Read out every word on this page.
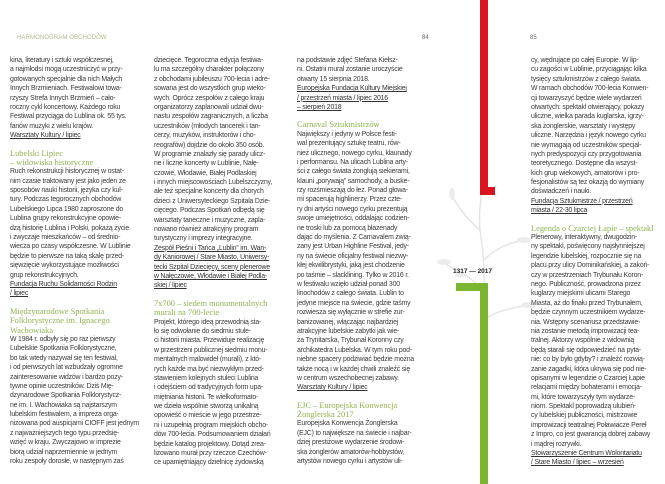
HARMONOGRAM OBCHODÓW	84	85
1317 — 2017
kina, literatury i sztuki współczesnej,
a najmłodsi mogą uczestniczyć w przy-
gotowanych specjalnie dla nich Małych
Innych Brzmieniach. Festiwalowi towa-
rzyszy Strefa Innych Brzmień – cało-
roczny cykl koncertowy. Każdego roku
Festiwal przyciąga do Lublina ok. 55 tys.
fanów muzyki z wielu krajów.
Warsztaty Kultury / lipiec
Lubelski Lipiec
– widowiska historyczne
Ruch rekonstrukcji historycznej w ostat-
nim czasie traktowany jest jako jeden ze
sposobów nauki historii, języka czy kul-
tury. Podczas tegorocznych obchodów
Lubelskiego Lipca 1980 zaproszone do
Lublina grupy rekonstrukcyjne opowie-
dzą historię Lublina i Polski, pokażą życie
i zwyczaje mieszkańców – od średnio-
wiecza po czasy współczesne. W Lublinie
będzie to pierwsze na taką skalę przed-
sięwzięcie wykorzystujące możliwości
grup rekonstrukcyjnych.
Fundacja Ruchu Solidarności Rodzin
/ lipiec
Międzynarodowe Spotkania
Folklorystyczne im. Ignacego
Wachowiaka
W 1984 r. odbyły się po raz pierwszy
Lubelskie Spotkania Folklorystyczne,
bo tak wtedy nazywał się ten festiwal,
i od pierwszych lat wzbudzały ogromne
zainteresowanie widzów i bardzo pozy-
tywne opinie uczestników. Dziś Mię-
dzynarodowe Spotkania Folklorystycz-
ne im. I. Wachowiaka są najstarszym
lubelskim festiwalem, a impreza orga-
nizowana pod auspicjami CIOFF jest jednym
z najważniejszych tego typu przedsię-
wzięć w kraju. Zwyczajowo w imprezie
biorą udział naprzemiennie w jednym
roku zespoły dorosłe, w następnym zaś
dziecięce. Tegoroczna edycja festiwa-
lu ma szczególny charakter połączony
z obchodami jubileuszu 700-lecia i adre-
sowana jest do wszystkich grup wieko-
wych. Oprócz zespołów z całego kraju
organizatorzy zaplanowali udział dwu-
nastu zespołów zagranicznych, a liczba
uczestników (młodych tancerek i tan-
cerzy, muzyków, instruktorów i cho-
reografów) dojdzie do około 350 osób.
W programie znalazły się parady ulicz-
ne i liczne koncerty w Lublinie, Nałę-
czowie, Włodawie, Białej Podlaskiej
i innych miejscowościach Lubelszczyzny,
ale też specjalne koncerty dla chorych
dzieci z Uniwersyteckiego Szpitala Dzie-
cięcego. Podczas Spotkań odbędą się
warsztaty taneczne i muzyczne, zapla-
nowano również atrakcyjny program
turystyczny i imprezy integracyjne.
Zespół Pieśni i Tańca „Lublin” im. Wan-
dy Kaniorowej / Stare Miasto, Uniwersy-
tecki Szpital Dziecięcy, sceny plenerowe
w Nałęczowie, Włodawie i Białej Podla-
skiej / lipiec
7x700 – siedem monumentalnych
murali na 700-lecie
Projekt, którego ideą przewodnią sta-
ło się odwołanie do siedmiu stule-
ci historii miasta. Przewiduje realizację
w przestrzeni publicznej siedmiu monu-
mentalnych malowideł (murali), z któ-
rych każde ma być niezwykłym przed-
stawieniem kolejnych stuleci Lublina
i odejściem od tradycyjnych form upa-
miętniania historii. Te wielkoformato-
we dzieła wspólnie stworzą unikalną
opowieść o mieście w jego przestrze-
ni i uzupełnią program miejskich obcho-
dów 700-lecia. Podsumowaniem działań
będzie katalog projektowy. Dotąd zrea-
lizowano murał przy rzeczce Czechów-
ce upamiętniający dzielnicę żydowską
na podstawie zdjęć Stefana Kiełsz-
ni. Ostatni mural zostanie uroczyście
otwarty 15 sierpnia 2018.
Europejska Fundacja Kultury Miejskiej
/ przestrzeń miasta / lipiec 2016
– sierpień 2018
Carnaval Sztukmistrzów
Największy i jedyny w Polsce festi-
wal prezentujący sztukę teatru, rów-
nież ulicznego, nowego cyrku, klaunady
i performansu. Na ulicach Lublina arty-
ści z całego świata żonglują siekierami,
klauni „porywają” samochody, a buske-
rzy rozśmieszają do łez. Ponad głowa-
mi spacerują highlinerzy. Przez czte-
ry dni artyści nowego cyrku prezentują
swoje umiejętności, oddalając codzien-
ne troski lub za pomocą błazenady
dając do myślenia. Z Carnavalem zwią-
zany jest Urban Highline Festival, jedy-
ny na świecie oficjalny festiwal niezwy-
kłej ekwilibrystyki, jaką jest chodzenie
po taśmie – slacklining. Tylko w 2016 r.
w festiwalu wzięło udział ponad 300
linochodów z całego świata. Lublin to
jedyne miejsce na świecie, gdzie taśmy
rozwiesza się wyłącznie w strefie zur-
banizowanej, włączając najbardziej
atrakcyjne lubelskie zabytki jak wie-
ża Trynitarska, Trybunał Koronny czy
archikatedra Lubelska. W tym roku pod-
niebne spacery podziwiać będzie można
także nocą i w każdej chwili znaleźć się
w centrum wszechobecnej zabawy.
Warsztaty Kultury / lipiec
EJC – Europejska Konwencja
Żonglerska 2017
Europejska Konwencja Żonglerska
(EJC) to największe na świecie i najbar-
dziej prestiżowe wydarzenie środowi-
ska żonglerów amatorów-hobbystów,
artystów nowego cyrku i artystów uli-
cy, wędrujące po całej Europie. W lip-
cu zagości w Lublinie, przyciągając kilka
tysięcy sztukmistrzów z całego świata.
W ramach obchodów 700-lecia Konwen-
cji towarzyszyć będzie wiele wydarzeń
otwartych: spektakl otwierający, pokazy
uliczne, wielka parada kuglarska, igrzy-
ska żonglerskie, warsztaty i występy
uliczne. Narzędzia i język nowego cyrku
nie wymagają od uczestników specjal-
nych predyspozycji czy przygotowania
teoretycznego. Dostępne dla wszyst-
kich grup wiekowych, amatorów i pro-
fesjonalistów są też okazją do wymiany
doświadczeń i nauki.
Fundacja Sztukmistrze / przestrzeń
miasta / 22-30 lipca
Legenda o Czarciej Łapie – spektakl
Plenerowy, interaktywny, dwugodzin-
ny spektakl, poświęcony najsłynniejszej
legendzie lubelskiej, rozpocznie się na
placu przy ulicy Dominikańskiej, a zakoń-
czy w przestrzeniach Trybunału Koron-
nego. Publiczność, prowadzona przez
kuglarzy miejskimi ulicami Starego
Miasta, aż do finału przed Trybunałem,
będzie czynnym uczestnikiem wydarze-
nia. Wstępny scenariusz przedstawie-
nia zostanie metodą improwizacji tea-
tralnej. Aktorzy wspólnie z widownią
będą starali się odpowiedzieć na pyta-
nie: co by było gdyby? i znaleźć rozwią-
zanie zagadki, która ukrywa się pod nie-
opisanymi w legendzie o Czarciej Łapie
relacjami między bohaterami i emocja-
mi, które towarzyszyły tym wydarze-
niom. Spektakl poprowadzą ulubień-
cy lubelskiej publiczności, mistrzowie
improwizacji teatralnej Poławiacze Pereł
z Impro, co jest gwarancją dobrej zabawy
i mądrej rozrywki.
Stowarzyszenie Centrum Wolontariatu
/ Stare Miasto / lipiec – wrzesień
